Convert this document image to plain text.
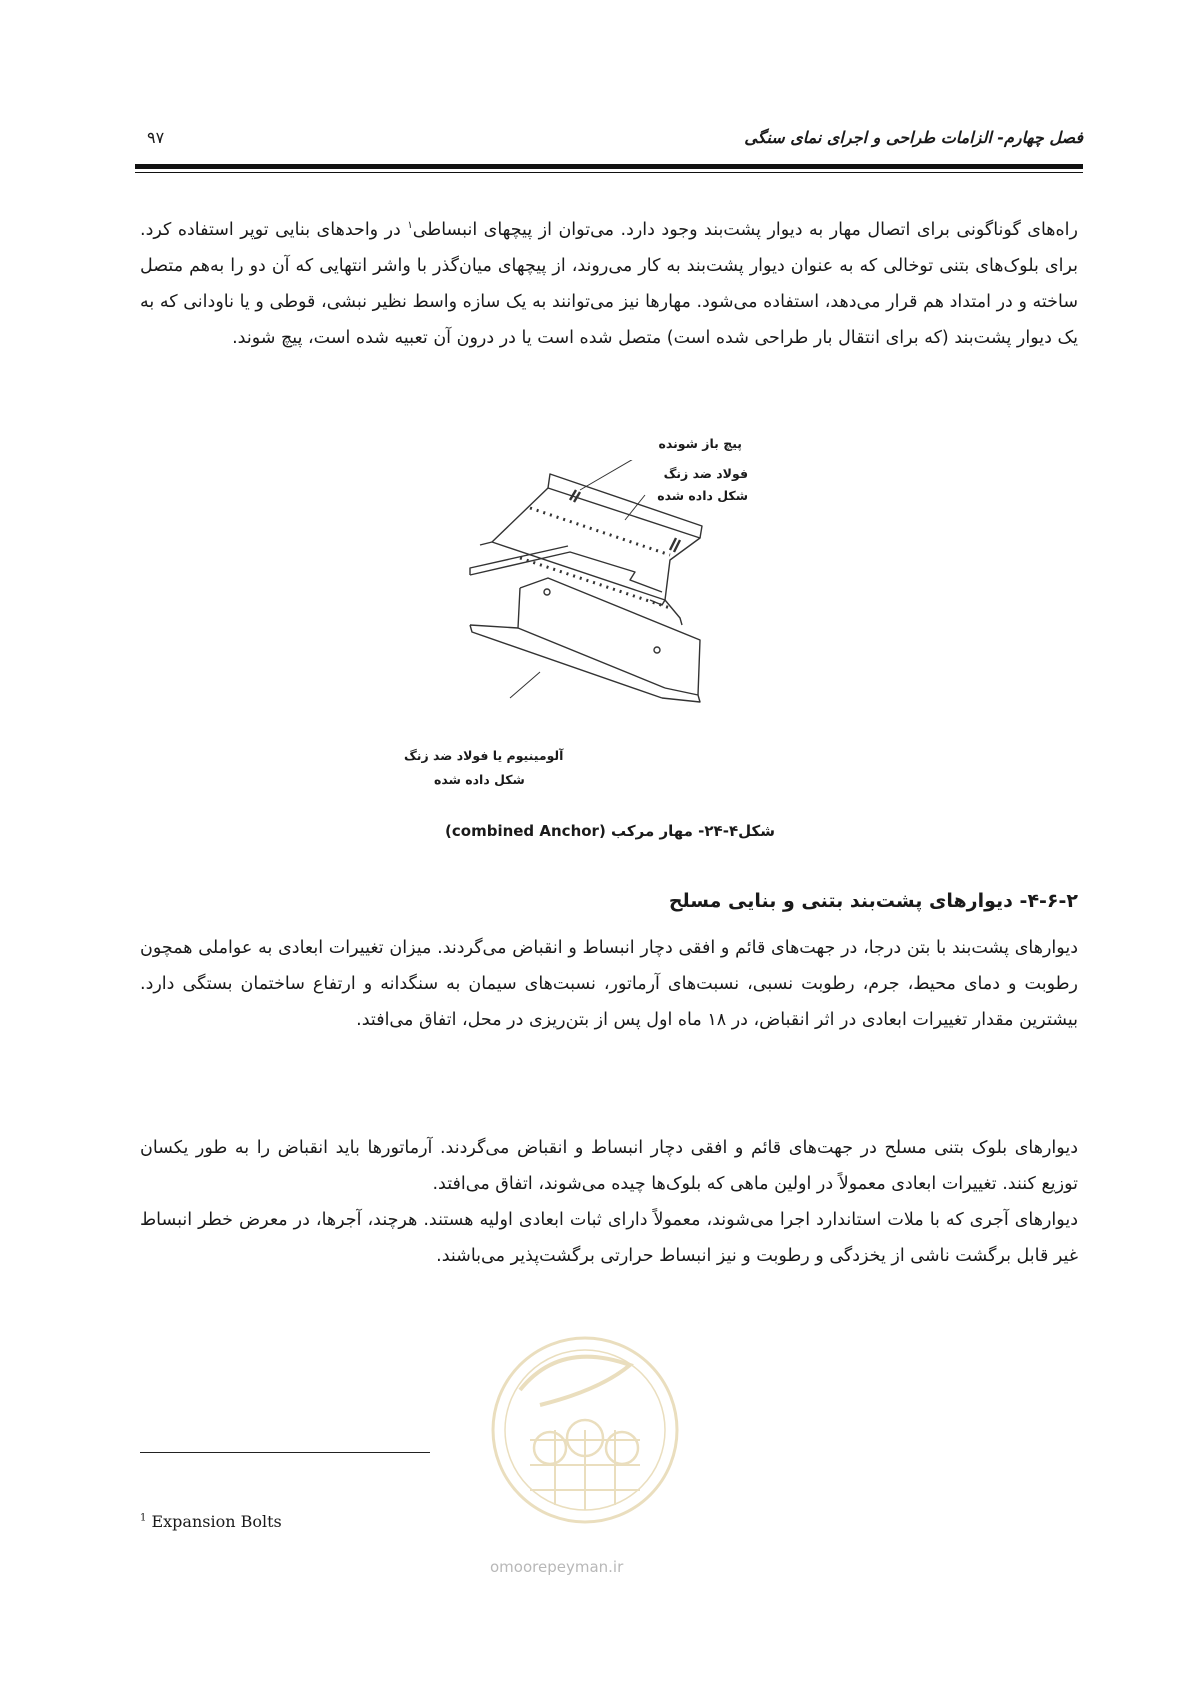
فصل چهارم- الزامات طراحی و اجرای نمای سنگی
۹۷

راه‌های گوناگونی برای اتصال مهار به دیوار پشت‌بند وجود دارد. می‌توان از پیچهای انبساطی$^۱$ در واحدهای بنایی توپر استفاده کرد. برای بلوک‌های بتنی توخالی که به عنوان دیوار پشت‌بند به کار می‌روند، از پیچهای میان‌گذر با واشر انتهایی که آن دو را به‌هم متصل ساخته و در امتداد هم قرار می‌دهد، استفاده می‌شود. مهارها نیز می‌توانند به یک سازه واسط نظیر نبشی، قوطی و یا ناودانی که به یک دیوار پشت‌بند (که برای انتقال بار طراحی شده است) متصل شده است یا در درون آن تعبیه شده است، پیچ شوند.

پیچ باز شونده
فولاد ضد زنگ
شکل داده شده
آلومینیوم یا فولاد ضد زنگ
شکل داده شده
شکل۴-۲۴- مهار مرکب (combined Anchor)
۴-۶-۲- دیوارهای پشت‌بند بتنی و بنایی مسلح

دیوارهای پشت‌بند با بتن درجا، در جهت‌های قائم و افقی دچار انبساط و انقباض می‌گردند. میزان تغییرات ابعادی به عواملی همچون رطوبت و دمای محیط، جرم، رطوبت نسبی، نسبت‌های آرماتور، نسبت‌های سیمان به سنگدانه و ارتفاع ساختمان بستگی دارد. بیشترین مقدار تغییرات ابعادی در اثر انقباض، در ۱۸ ماه اول پس از بتن‌ریزی در محل، اتفاق می‌افتد.

دیوارهای بلوک بتنی مسلح در جهت‌های قائم و افقی دچار انبساط و انقباض می‌گردند. آرماتورها باید انقباض را به طور یکسان توزیع کنند. تغییرات ابعادی معمولاً در اولین ماهی که بلوک‌ها چیده می‌شوند، اتفاق می‌افتد.

دیوارهای آجری که با ملات استاندارد اجرا می‌شوند، معمولاً دارای ثبات ابعادی اولیه هستند. هرچند، آجرها، در معرض خطر انبساط غیر قابل برگشت ناشی از یخزدگی و رطوبت و نیز انبساط حرارتی برگشت‌پذیر می‌باشند.

omoorepeyman.ir
$^1$ Expansion Bolts
